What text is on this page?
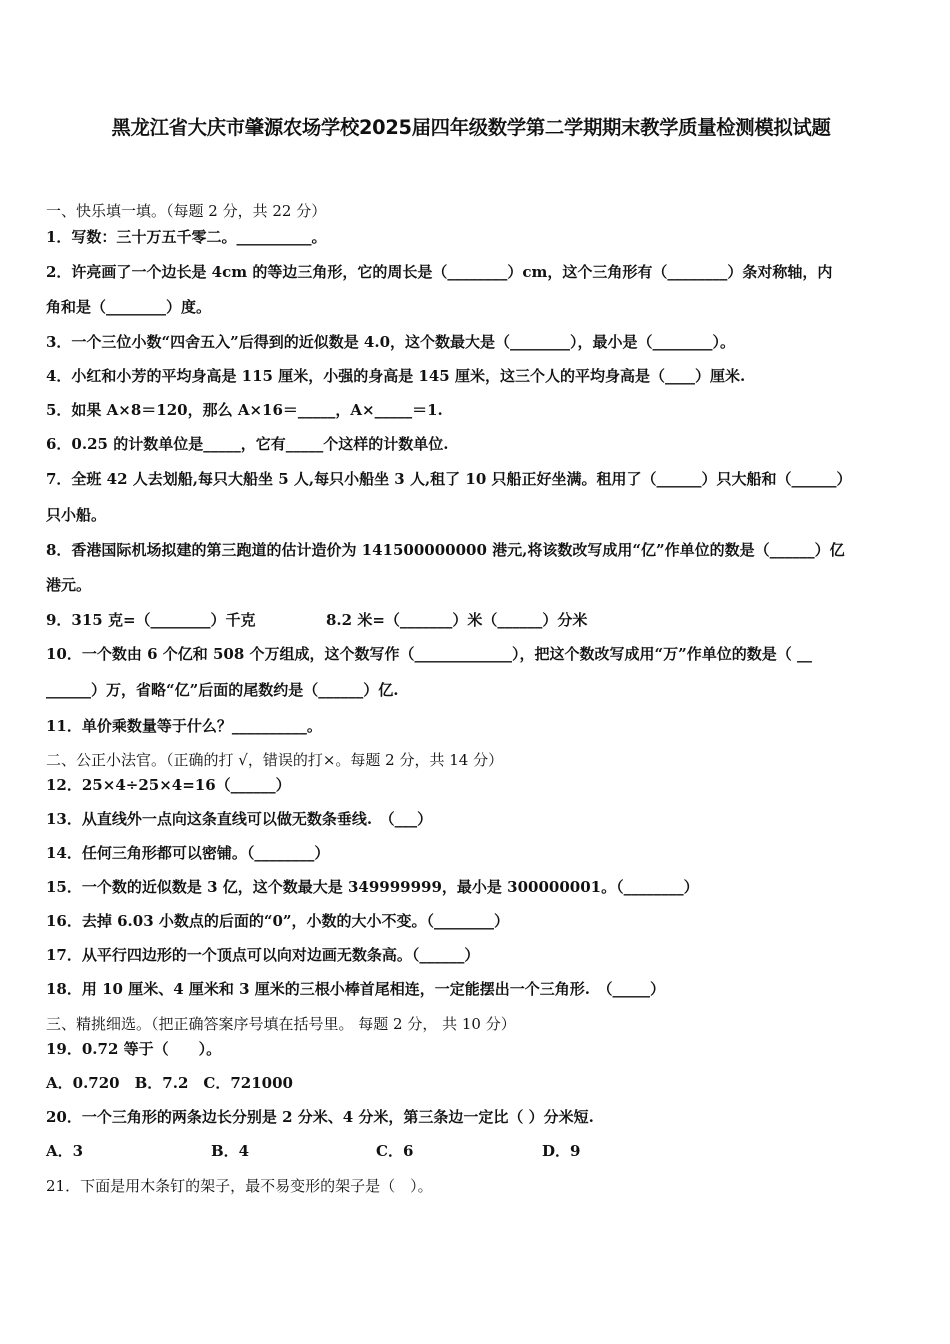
黑龙江省大庆市肇源农场学校2025届四年级数学第二学期期末教学质量检测模拟试题
一、快乐填一填。（每题 2 分，共 22 分）
1．写数：三十万五千零二。__________。
2．许亮画了一个边长是 4cm 的等边三角形，它的周长是（________）cm，这个三角形有（________）条对称轴，内
角和是（________）度。
3．一个三位小数“四舍五入”后得到的近似数是 4.0，这个数最大是（________），最小是（________）。
4．小红和小芳的平均身高是 115 厘米，小强的身高是 145 厘米，这三个人的平均身高是（____）厘米.
5．如果 A×8＝120，那么 A×16＝_____，A×_____＝1.
6．0.25 的计数单位是_____，它有_____个这样的计数单位.
7．全班 42 人去划船,每只大船坐 5 人,每只小船坐 3 人,租了 10 只船正好坐满。租用了（______）只大船和（______）
只小船。
8．香港国际机场拟建的第三跑道的估计造价为 141500000000 港元,将该数改写成用“亿”作单位的数是（______）亿
港元。
9．315 克=（________）千克	8.2 米=（_______）米（______）分米
10．一个数由 6 个亿和 508 个万组成，这个数写作（_____________），把这个数改写成用“万”作单位的数是（ __
______）万，省略“亿”后面的尾数约是（______）亿.
11．单价乘数量等于什么？__________。
二、公正小法官。（正确的打 √，错误的打×。每题 2 分，共 14 分）
12．25×4÷25×4=16（______）
13．从直线外一点向这条直线可以做无数条垂线.　（___）
14．任何三角形都可以密铺。（________）
15．一个数的近似数是 3 亿，这个数最大是 349999999，最小是 300000001。（________）
16．去掉 6.03 小数点的后面的“0”，小数的大小不变。（________）
17．从平行四边形的一个顶点可以向对边画无数条高。（______）
18．用 10 厘米、4 厘米和 3 厘米的三根小棒首尾相连，一定能摆出一个三角形.　（_____）
三、精挑细选。（把正确答案序号填在括号里。 每题 2 分， 共 10 分）
19．0.72 等于（　　）。
A．0.720　B．7.2　C．721000
20．一个三角形的两条边长分别是 2 分米、4 分米，第三条边一定比（ ）分米短.
A．3	B．4	C．6	D．9
21．下面是用木条钉的架子，最不易变形的架子是（　）。
